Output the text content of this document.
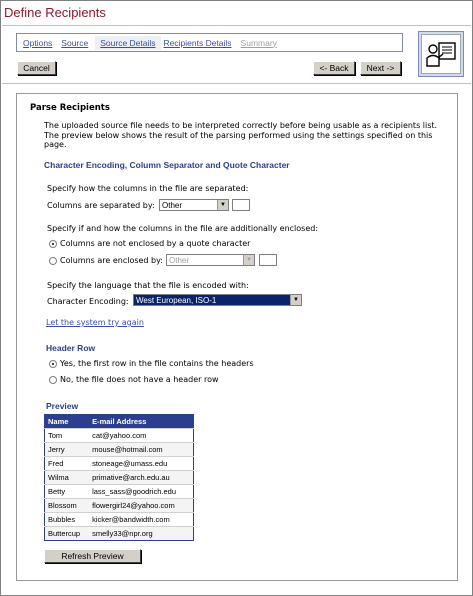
Define Recipients
Options	Source	Source Details Recipients Details	Summary
Cancel	<- Back	Next ->
Parse Recipients
The uploaded source file needs to be interpreted correctly before being usable as a recipients list. The preview below shows the result of the parsing performed using the settings specified on this page.
Character Encoding, Column Separator and Quote Character
Specify how the columns in the file are separated:
Columns are separated by: Other	▼
Specify if and how the columns in the file are additionally enclosed:
Columns are not enclosed by a quote character
Columns are enclosed by: Other	▼
Specify the language that the file is encoded with:
Character Encoding: West European, ISO-1	▼
Let the system try again
Header Row
Yes, the first row in the file contains the headers
No, the file does not have a header row
Preview
Name	E-mail Address
Tom	cat@yahoo.com
Jerry	mouse@hotmail.com
Fred	stoneage@umass.edu
Wilma	primative@arch.edu.au
Betty	lass_sass@goodrich.edu
Blossom	flowergirl24@yahoo.com
Bubbles	kicker@bandwidth.com
Buttercup	smelly33@npr.org
Refresh Preview
